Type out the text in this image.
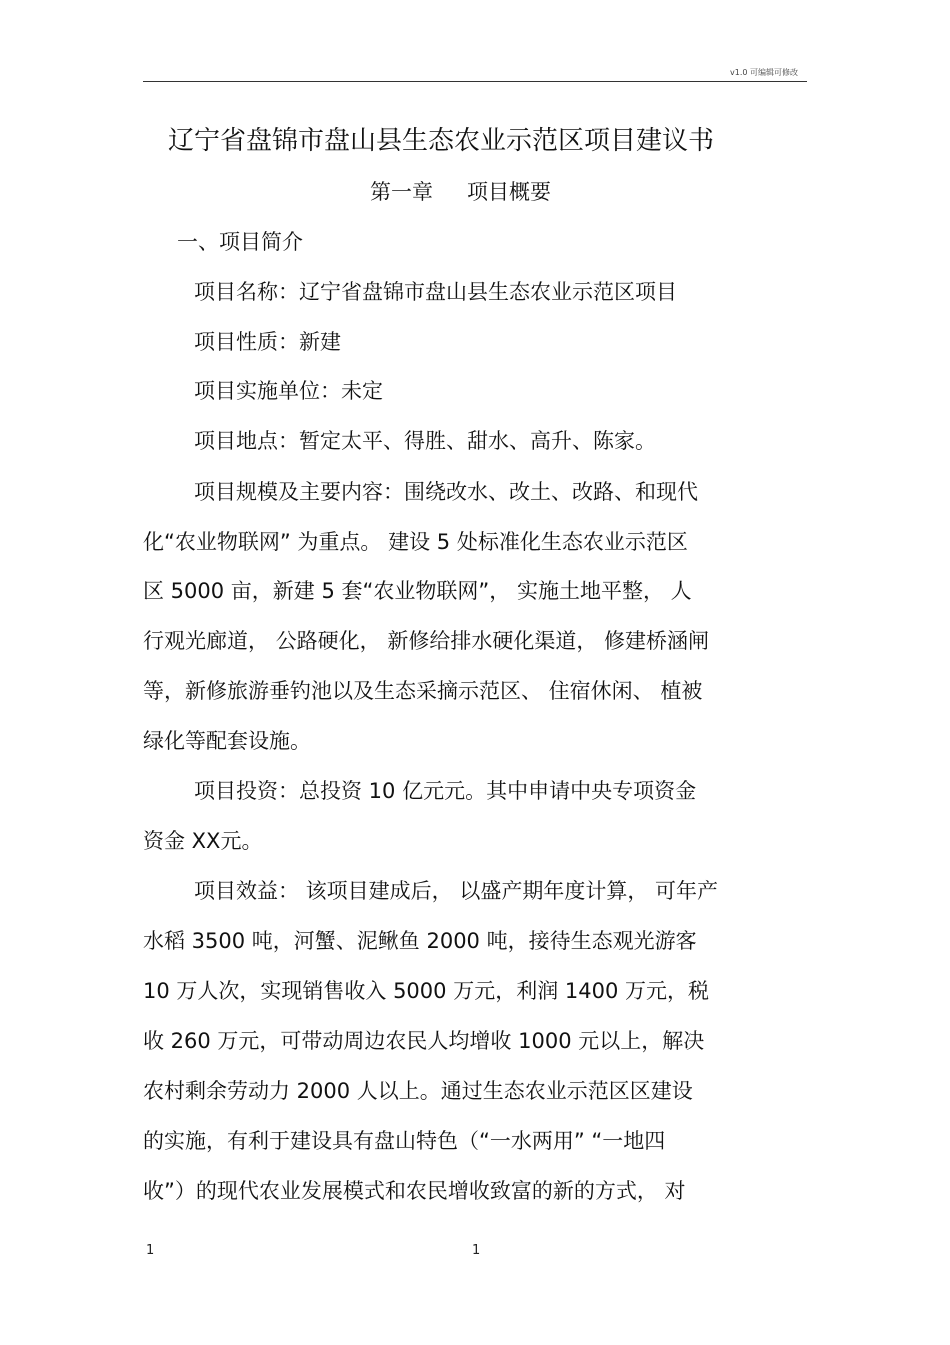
v1.0 可编辑可修改
辽宁省盘锦市盘山县生态农业示范区项目建议书
第一章 项目概要
一、项目简介
项目名称：辽宁省盘锦市盘山县生态农业示范区项目
项目性质：新建
项目实施单位：未定
项目地点：暂定太平、得胜、甜水、高升、陈家。
项目规模及主要内容：围绕改水、改土、改路、和现代
化“农业物联网” 为重点。 建设 5 处标准化生态农业示范区
区 5000 亩，新建 5 套“农业物联网”， 实施土地平整， 人
行观光廊道， 公路硬化， 新修给排水硬化渠道， 修建桥涵闸
等，新修旅游垂钓池以及生态采摘示范区、 住宿休闲、 植被
绿化等配套设施。
项目投资：总投资 10 亿元元。其中申请中央专项资金
资金 XX元。
项目效益： 该项目建成后， 以盛产期年度计算， 可年产
水稻 3500 吨，河蟹、泥鳅鱼 2000 吨，接待生态观光游客
10 万人次，实现销售收入 5000 万元，利润 1400 万元，税
收 260 万元，可带动周边农民人均增收 1000 元以上，解决
农村剩余劳动力 2000 人以上。通过生态农业示范区区建设
的实施，有利于建设具有盘山特色（“一水两用” “一地四
收”）的现代农业发展模式和农民增收致富的新的方式， 对
1	1
